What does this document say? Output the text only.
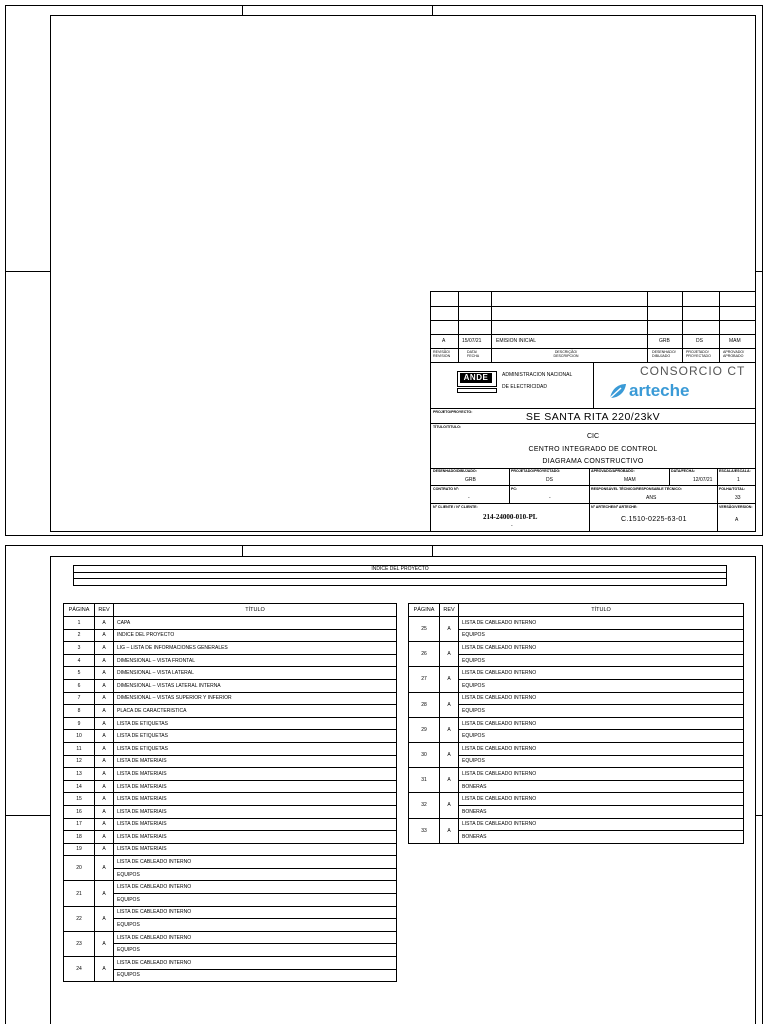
A	15/07/21	EMISION INICIAL	GRB	DS	MAM
REVISÃO/ REVISION
DATA/ FECHA
DESCRIÇÃO/ DESCRIPCION
DESENHADO/ DIBUJADO
PROJETADO/ PROYECTADO
APROVADO/ APROBADO
ANDE	ADMINISTRACION NACIONAL
DE ELECTRICIDAD
CONSORCIO CT
arteche
PROJETO/PROYECTO:	SE SANTA RITA 220/23kV
TÍTULO/TITULO:
CIC
CENTRO INTEGRADO DE CONTROL
DIAGRAMA CONSTRUCTIVO
DESENHADO/DIBUJADO:
GRB
PROJETADO/PROYECTADO:
DS
APROVADO/APROBADO:
MAM
DATA/FECHA:
12/07/21
ESCALA/ESCALA:
1
CONTRATO Nº:
-
PC:
-
RESPONSÁVEL TÉCNICO/RESPONSABLE TÉCNICO:
ANS
FOLHA/TOTAL:
33
Nº CLIENTE / Nº CLIENTE:
214-24000-010-PL
-
Nº ARTECHE/Nº ARTECHE:
C.1510-0225-63-01
VERSÃO/VERSION:
A
INDICE DEL PROYECTO
PÁGINA	REV	TÍTULO
1	A	CAPA
2	A	INDICE DEL PROYECTO
3	A	LIG – LISTA DE INFORMACIONES GENERALES
4	A	DIMENSIONAL – VISTA FRONTAL
5	A	DIMENSIONAL – VISTA LATERAL
6	A	DIMENSIONAL – VISTAS LATERAL INTERNA
7	A	DIMENSIONAL – VISTAS SUPERIOR Y INFERIOR
8	A	PLACA DE CARACTERISTICA
9	A	LISTA DE ETIQUETAS
10	A	LISTA DE ETIQUETAS
11	A	LISTA DE ETIQUETAS
12	A	LISTA DE MATERIAIS
13	A	LISTA DE MATERIAIS
14	A	LISTA DE MATERIAIS
15	A	LISTA DE MATERIAIS
16	A	LISTA DE MATERIAIS
17	A	LISTA DE MATERIAIS
18	A	LISTA DE MATERIAIS
19	A	LISTA DE MATERIAIS
20	A	LISTA DE CABLEADO INTERNO
		EQUIPOS
21	A	LISTA DE CABLEADO INTERNO
		EQUIPOS
22	A	LISTA DE CABLEADO INTERNO
		EQUIPOS
23	A	LISTA DE CABLEADO INTERNO
		EQUIPOS
24	A	LISTA DE CABLEADO INTERNO
		EQUIPOS
PÁGINA	REV	TÍTULO
25	A	LISTA DE CABLEADO INTERNO
		EQUIPOS
26	A	LISTA DE CABLEADO INTERNO
		EQUIPOS
27	A	LISTA DE CABLEADO INTERNO
		EQUIPOS
28	A	LISTA DE CABLEADO INTERNO
		EQUIPOS
29	A	LISTA DE CABLEADO INTERNO
		EQUIPOS
30	A	LISTA DE CABLEADO INTERNO
		EQUIPOS
31	A	LISTA DE CABLEADO INTERNO
		BONERAS
32	A	LISTA DE CABLEADO INTERNO
		BONERAS
33	A	LISTA DE CABLEADO INTERNO
		BONERAS
